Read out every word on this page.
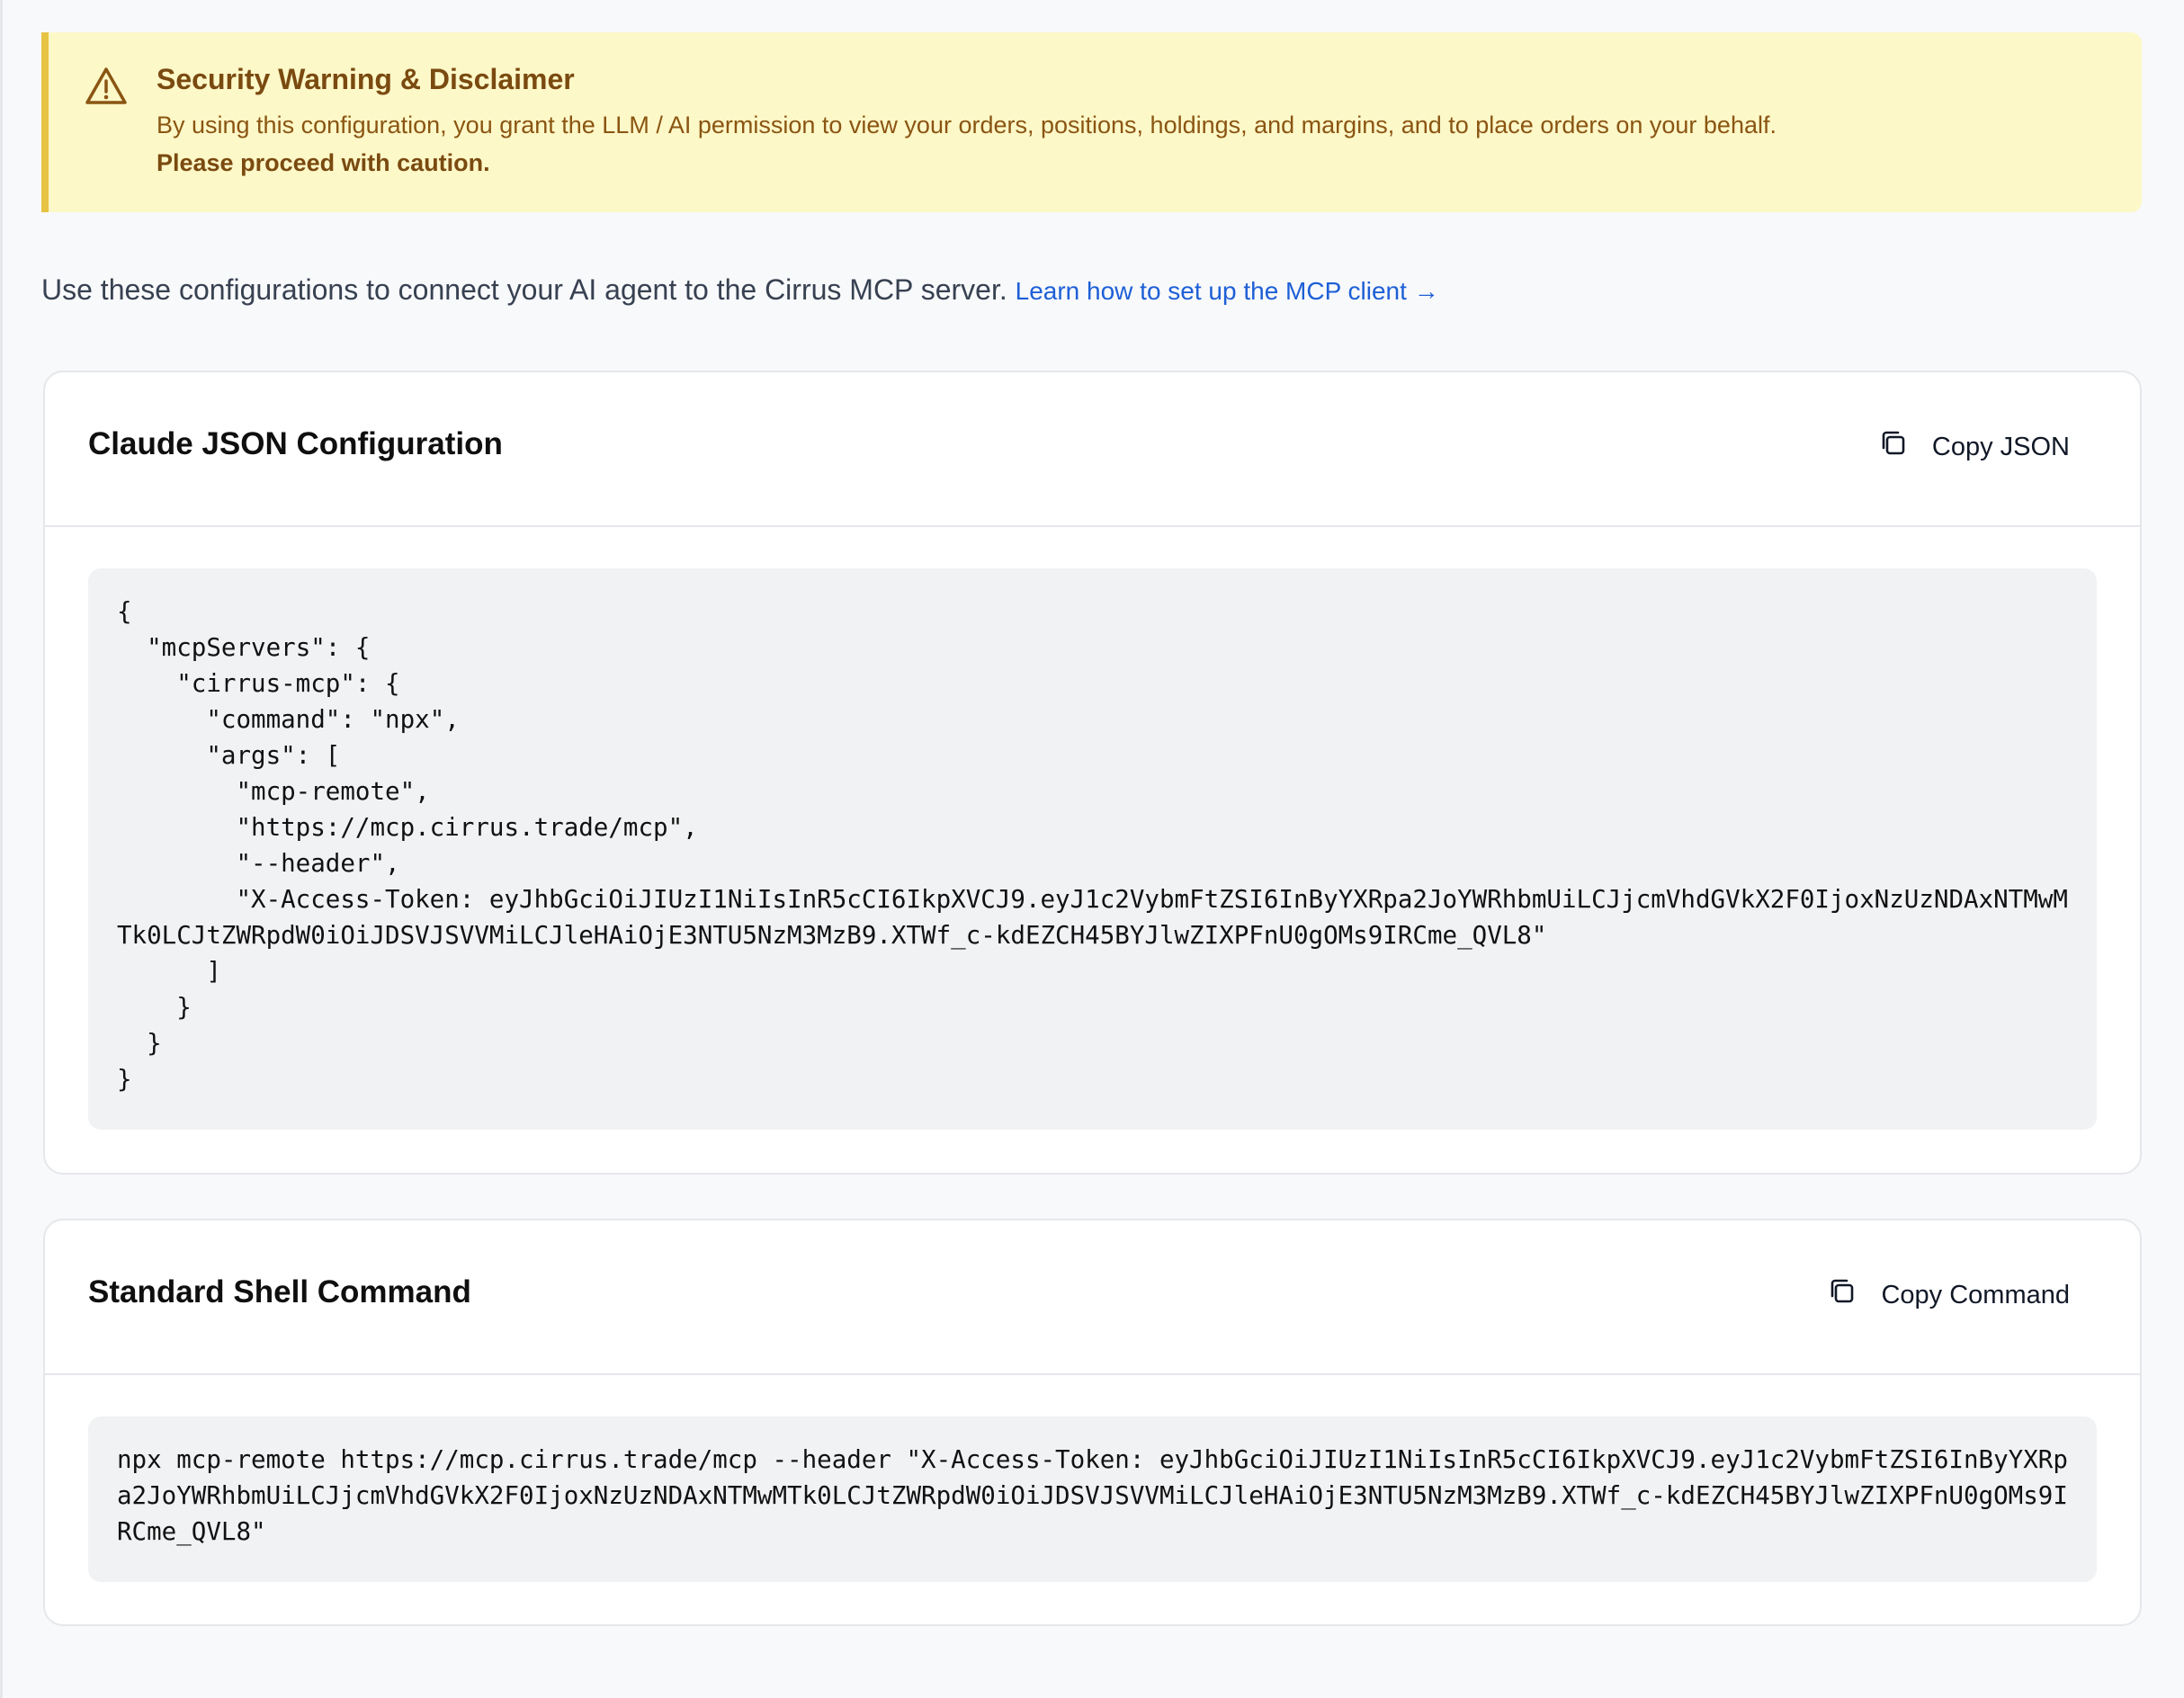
Security Warning & Disclaimer
By using this configuration, you grant the LLM / AI permission to view your orders, positions, holdings, and margins, and to place orders on your behalf.
Please proceed with caution.
Use these configurations to connect your AI agent to the Cirrus MCP server. Learn how to set up the MCP client →
Claude JSON Configuration	Copy JSON
{
"mcpServers": {
"cirrus-mcp": {
"command": "npx",
"args": [
"mcp-remote",
"https://mcp.cirrus.trade/mcp",
"--header",
"X-Access-Token: eyJhbGciOiJIUzI1NiIsInR5cCI6IkpXVCJ9.eyJ1c2VybmFtZSI6InByYXRpa2JoYWRhbmUiLCJjcmVhdGVkX2F0IjoxNzUzNDAxNTMwMTk0LCJtZWRpdW0iOiJDSVJSVVMiLCJleHAiOjE3NTU5NzM3MzB9.XTWf_c-kdEZCH45BYJlwZIXPFnU0gOMs9IRCme_QVL8"
]
}
}
}
Standard Shell Command	Copy Command
npx mcp-remote https://mcp.cirrus.trade/mcp --header "X-Access-Token: eyJhbGciOiJIUzI1NiIsInR5cCI6IkpXVCJ9.eyJ1c2VybmFtZSI6InByYXRpa2JoYWRhbmUiLCJjcmVhdGVkX2F0IjoxNzUzNDAxNTMwMTk0LCJtZWRpdW0iOiJDSVJSVVMiLCJleHAiOjE3NTU5NzM3MzB9.XTWf_c-kdEZCH45BYJlwZIXPFnU0gOMs9IRCme_QVL8"
